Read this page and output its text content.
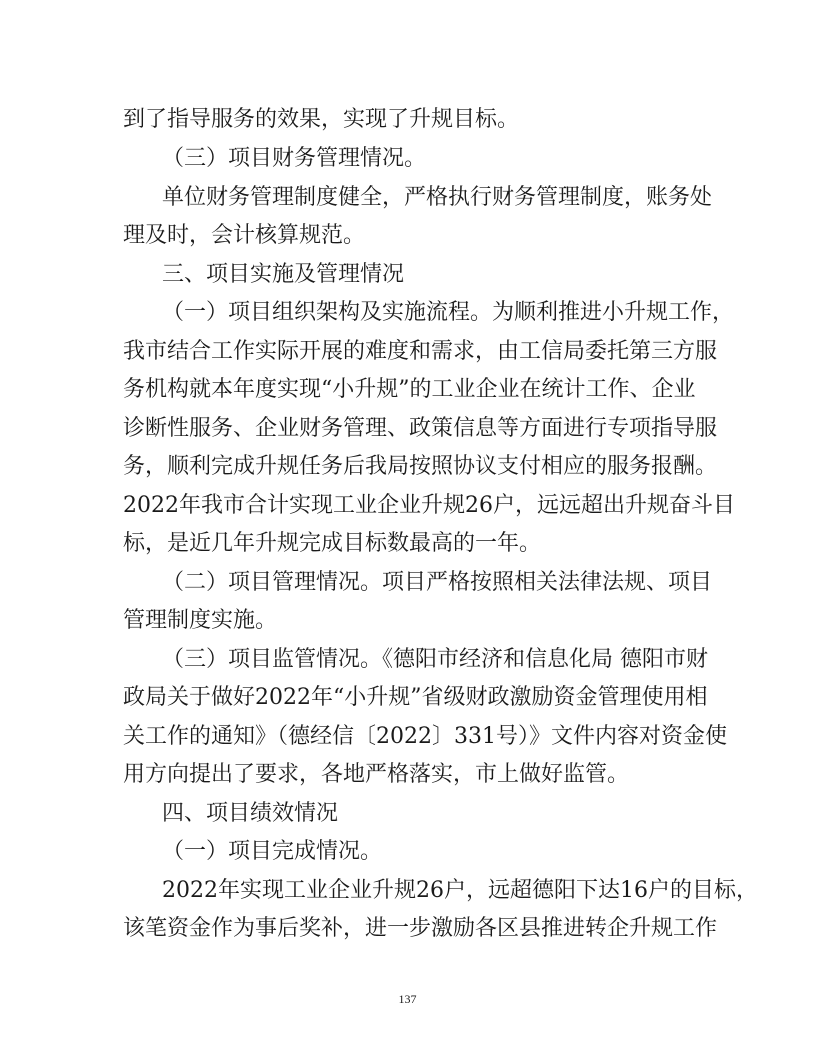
到了指导服务的效果，实现了升规目标。
（三）项目财务管理情况。
单位财务管理制度健全，严格执行财务管理制度，账务处
理及时，会计核算规范。
三、项目实施及管理情况
（一）项目组织架构及实施流程。为顺利推进小升规工作，
我市结合工作实际开展的难度和需求，由工信局委托第三方服
务机构就本年度实现“小升规”的工业企业在统计工作、企业
诊断性服务、企业财务管理、政策信息等方面进行专项指导服
务，顺利完成升规任务后我局按照协议支付相应的服务报酬。
2022年我市合计实现工业企业升规26户，远远超出升规奋斗目
标，是近几年升规完成目标数最高的一年。
（二）项目管理情况。项目严格按照相关法律法规、项目
管理制度实施。
（三）项目监管情况。《德阳市经济和信息化局 德阳市财
政局关于做好2022年“小升规”省级财政激励资金管理使用相
关工作的通知》（德经信〔2022〕331号）》文件内容对资金使
用方向提出了要求，各地严格落实，市上做好监管。
四、项目绩效情况
（一）项目完成情况。
2022年实现工业企业升规26户，远超德阳下达16户的目标，
该笔资金作为事后奖补，进一步激励各区县推进转企升规工作
137
